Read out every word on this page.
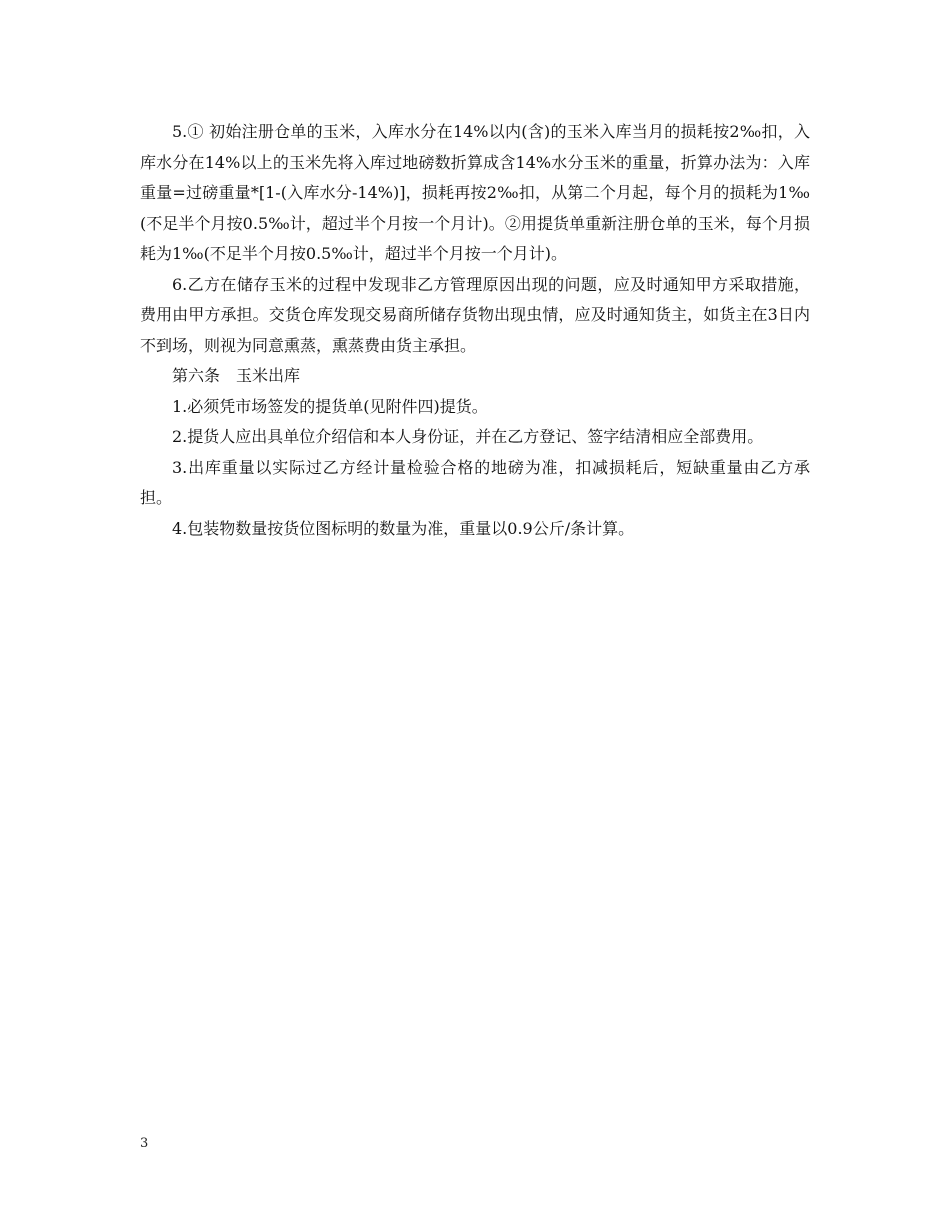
5.① 初始注册仓单的玉米，入库水分在14%以内(含)的玉米入库当月的损耗按2‰扣，入库水分在14%以上的玉米先将入库过地磅数折算成含14%水分玉米的重量，折算办法为：入库重量=过磅重量*[1-(入库水分-14%)]，损耗再按2‰扣，从第二个月起，每个月的损耗为1‰(不足半个月按0.5‰计，超过半个月按一个月计)。②用提货单重新注册仓单的玉米，每个月损耗为1‰(不足半个月按0.5‰计，超过半个月按一个月计)。

6.乙方在储存玉米的过程中发现非乙方管理原因出现的问题，应及时通知甲方采取措施，费用由甲方承担。交货仓库发现交易商所储存货物出现虫情，应及时通知货主，如货主在3日内不到场，则视为同意熏蒸，熏蒸费由货主承担。

第六条　玉米出库

1.必须凭市场签发的提货单(见附件四)提货。

2.提货人应出具单位介绍信和本人身份证，并在乙方登记、签字结清相应全部费用。

3.出库重量以实际过乙方经计量检验合格的地磅为准，扣减损耗后，短缺重量由乙方承担。

4.包装物数量按货位图标明的数量为准，重量以0.9公斤/条计算。

3
